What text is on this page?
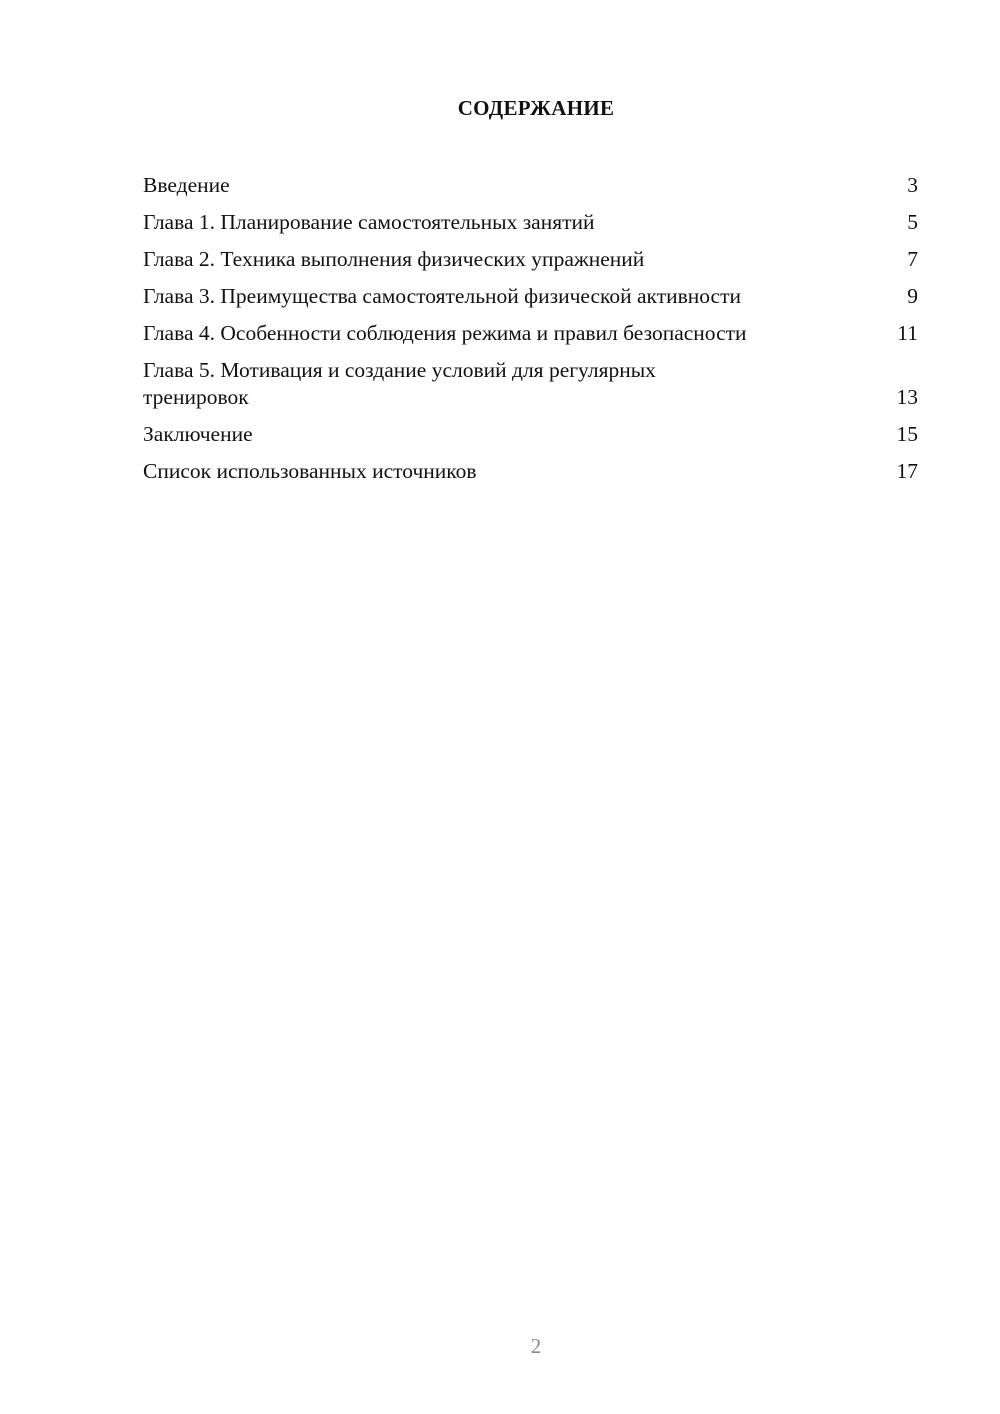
СОДЕРЖАНИЕ
Введение	3
Глава 1. Планирование самостоятельных занятий	5
Глава 2. Техника выполнения физических упражнений	7
Глава 3. Преимущества самостоятельной физической активности	9
Глава 4. Особенности соблюдения режима и правил безопасности	11
Глава 5. Мотивация и создание условий для регулярных тренировок	13
Заключение	15
Список использованных источников	17
2
